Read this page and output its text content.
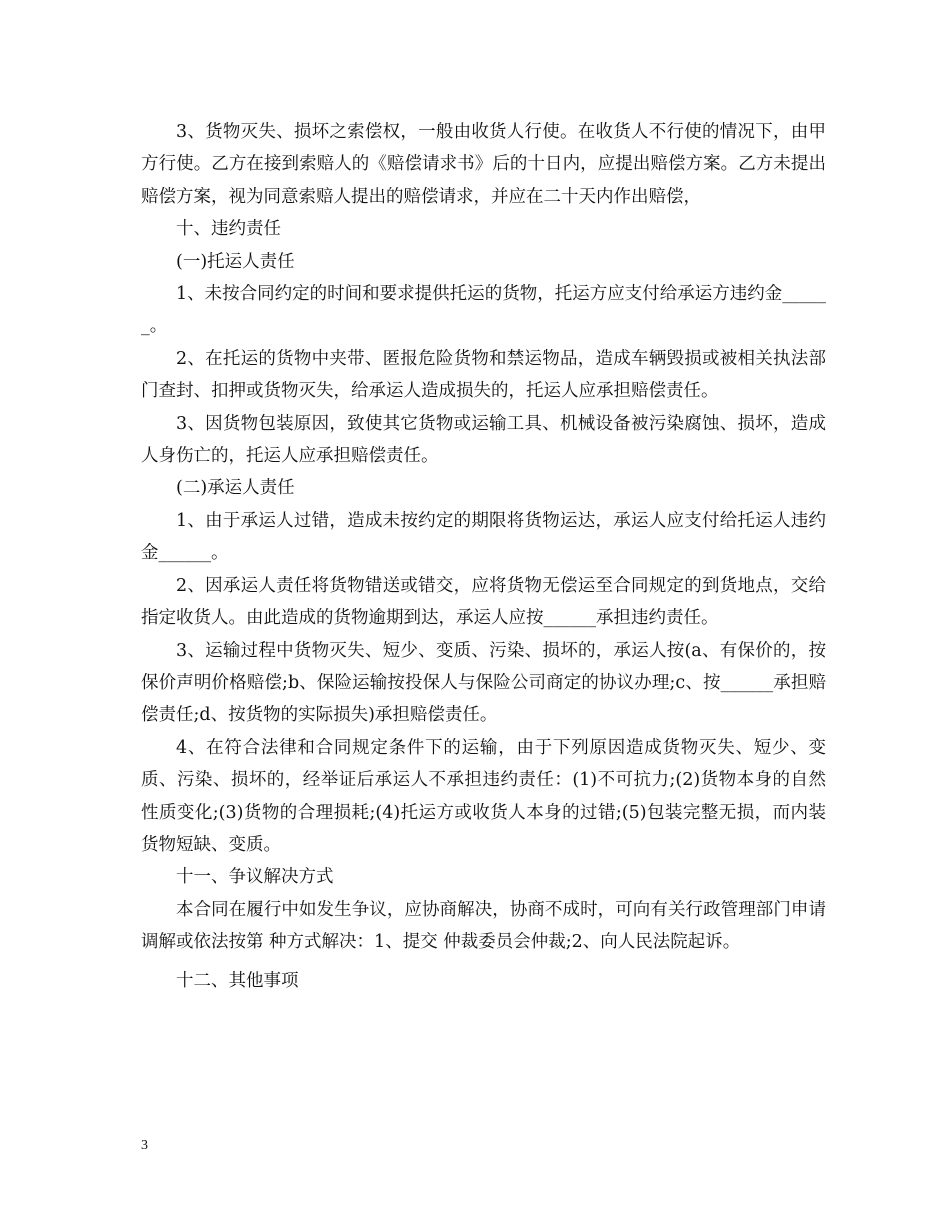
3、货物灭失、损坏之索偿权，一般由收货人行使。在收货人不行使的情况下，由甲方行使。乙方在接到索赔人的《赔偿请求书》后的十日内，应提出赔偿方案。乙方未提出赔偿方案，视为同意索赔人提出的赔偿请求，并应在二十天内作出赔偿，

十、违约责任

(一)托运人责任

1、未按合同约定的时间和要求提供托运的货物，托运方应支付给承运方违约金______。

2、在托运的货物中夹带、匿报危险货物和禁运物品，造成车辆毁损或被相关执法部门查封、扣押或货物灭失，给承运人造成损失的，托运人应承担赔偿责任。

3、因货物包装原因，致使其它货物或运输工具、机械设备被污染腐蚀、损坏，造成人身伤亡的，托运人应承担赔偿责任。

(二)承运人责任

1、由于承运人过错，造成未按约定的期限将货物运达，承运人应支付给托运人违约金______。

2、因承运人责任将货物错送或错交，应将货物无偿运至合同规定的到货地点，交给指定收货人。由此造成的货物逾期到达，承运人应按______承担违约责任。

3、运输过程中货物灭失、短少、变质、污染、损坏的，承运人按(a、有保价的，按保价声明价格赔偿;b、保险运输按投保人与保险公司商定的协议办理;c、按______承担赔偿责任;d、按货物的实际损失)承担赔偿责任。

4、在符合法律和合同规定条件下的运输，由于下列原因造成货物灭失、短少、变质、污染、损坏的，经举证后承运人不承担违约责任：(1)不可抗力;(2)货物本身的自然性质变化;(3)货物的合理损耗;(4)托运方或收货人本身的过错;(5)包装完整无损，而内装货物短缺、变质。

十一、争议解决方式

本合同在履行中如发生争议，应协商解决，协商不成时，可向有关行政管理部门申请调解或依法按第 种方式解决：1、提交 仲裁委员会仲裁;2、向人民法院起诉。

十二、其他事项

3
